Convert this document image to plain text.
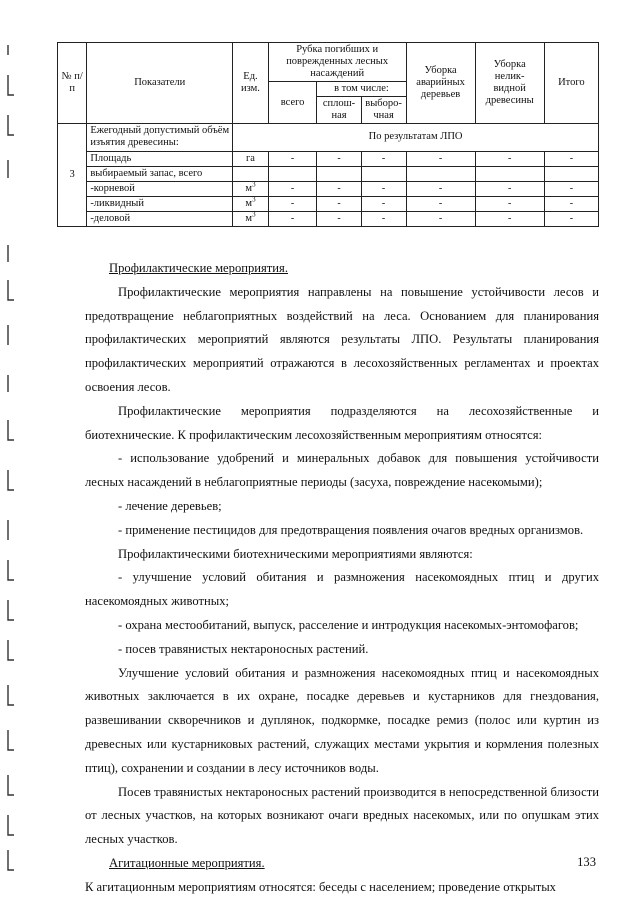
№ п/п	Показатели	Ед. изм.	Рубка погибших и поврежденных лесных насаждений			Уборка аварийных деревьев	Уборка нелик-видной древесины	Итого
			всего	в том числе:				
				сплош-ная	выборо-чная			
3	Ежегодный допустимый объём изъятия древесины:	По результатам ЛПО						
	Площадь	га	-	-	-	-	-	-
	выбираемый запас, всего							
	-корневой	$м^3$	-	-	-	-	-	-
	-ликвидный	$м^3$	-	-	-	-	-	-
	-деловой	$м^3$	-	-	-	-	-	-

Профилактические мероприятия.

Профилактические мероприятия направлены на повышение устойчивости лесов и предотвращение неблагоприятных воздействий на леса. Основанием для планирования профилактических мероприятий являются результаты ЛПО. Результаты планирования профилактических мероприятий отражаются в лесохозяйственных регламентах и проектах освоения лесов.

Профилактические мероприятия подразделяются на лесохозяйственные и биотехнические. К профилактическим лесохозяйственным мероприятиям относятся:

- использование удобрений и минеральных добавок для повышения устойчивости лесных насаждений в неблагоприятные периоды (засуха, повреждение насекомыми);

- лечение деревьев;

- применение пестицидов для предотвращения появления очагов вредных организмов.

Профилактическими биотехническими мероприятиями являются:

- улучшение условий обитания и размножения насекомоядных птиц и других насекомоядных животных;

- охрана местообитаний, выпуск, расселение и интродукция насекомых-энтомофагов;

- посев травянистых нектароносных растений.

Улучшение условий обитания и размножения насекомоядных птиц и насекомоядных животных заключается в их охране, посадке деревьев и кустарников для гнездования, развешивании скворечников и дуплянок, подкормке, посадке ремиз (полос или куртин из древесных или кустарниковых растений, служащих местами укрытия и кормления полезных птиц), сохранении и создании в лесу источников воды.

Посев травянистых нектароносных растений производится в непосредственной близости от лесных участков, на которых возникают очаги вредных насекомых, или по опушкам этих лесных участков.

Агитационные мероприятия.

К агитационным мероприятиям относятся: беседы с населением; проведение открытых

133
